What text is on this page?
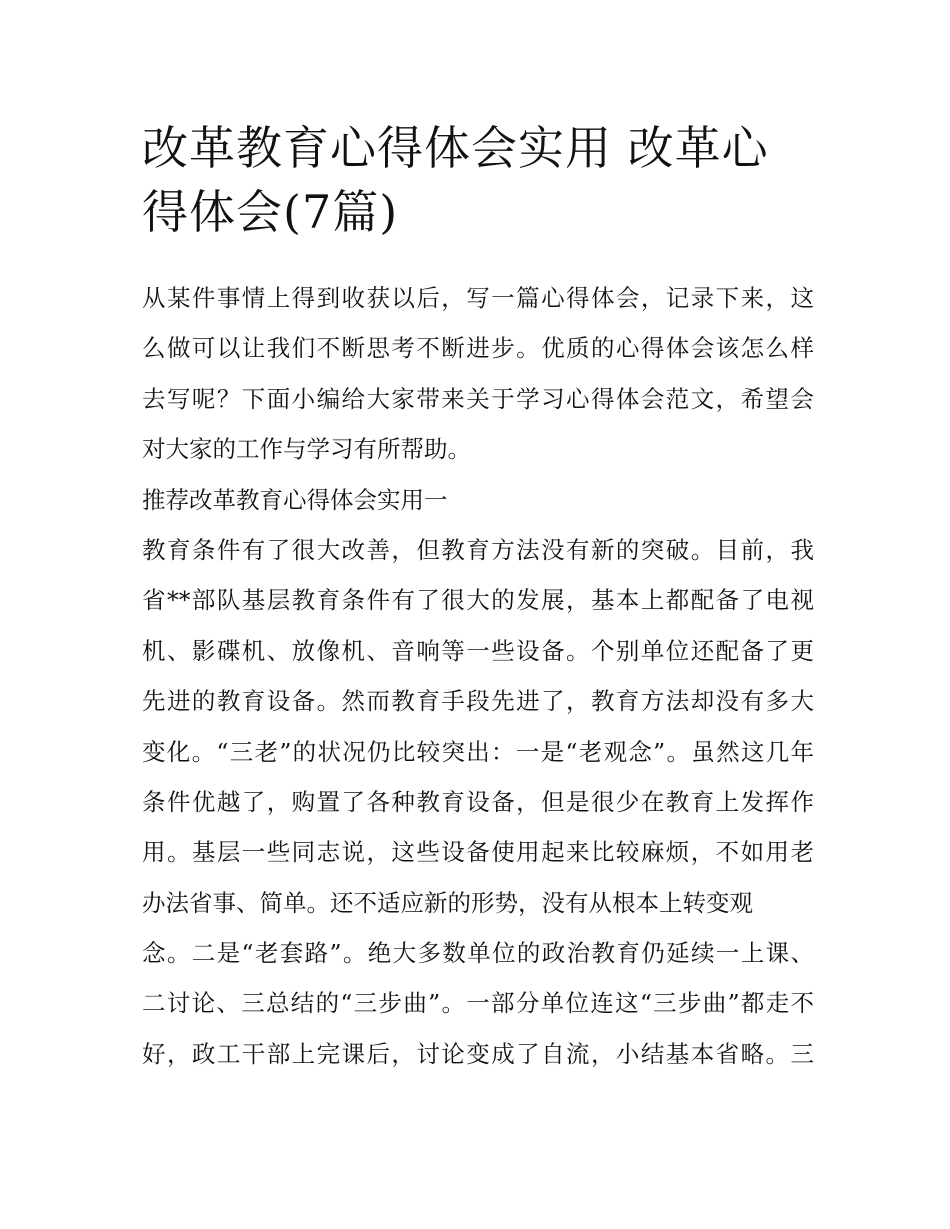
改革教育心得体会实用 改革心得体会(7篇)
从某件事情上得到收获以后，写一篇心得体会，记录下来，这
么做可以让我们不断思考不断进步。优质的心得体会该怎么样
去写呢？下面小编给大家带来关于学习心得体会范文，希望会
对大家的工作与学习有所帮助。
推荐改革教育心得体会实用一
教育条件有了很大改善，但教育方法没有新的突破。目前，我
省**部队基层教育条件有了很大的发展，基本上都配备了电视
机、影碟机、放像机、音响等一些设备。个别单位还配备了更
先进的教育设备。然而教育手段先进了，教育方法却没有多大
变化。“三老”的状况仍比较突出：一是“老观念”。虽然这几年
条件优越了，购置了各种教育设备，但是很少在教育上发挥作
用。基层一些同志说，这些设备使用起来比较麻烦，不如用老
办法省事、简单。还不适应新的形势，没有从根本上转变观
念。二是“老套路”。绝大多数单位的政治教育仍延续一上课、
二讨论、三总结的“三步曲”。一部分单位连这“三步曲”都走不
好，政工干部上完课后，讨论变成了自流，小结基本省略。三
